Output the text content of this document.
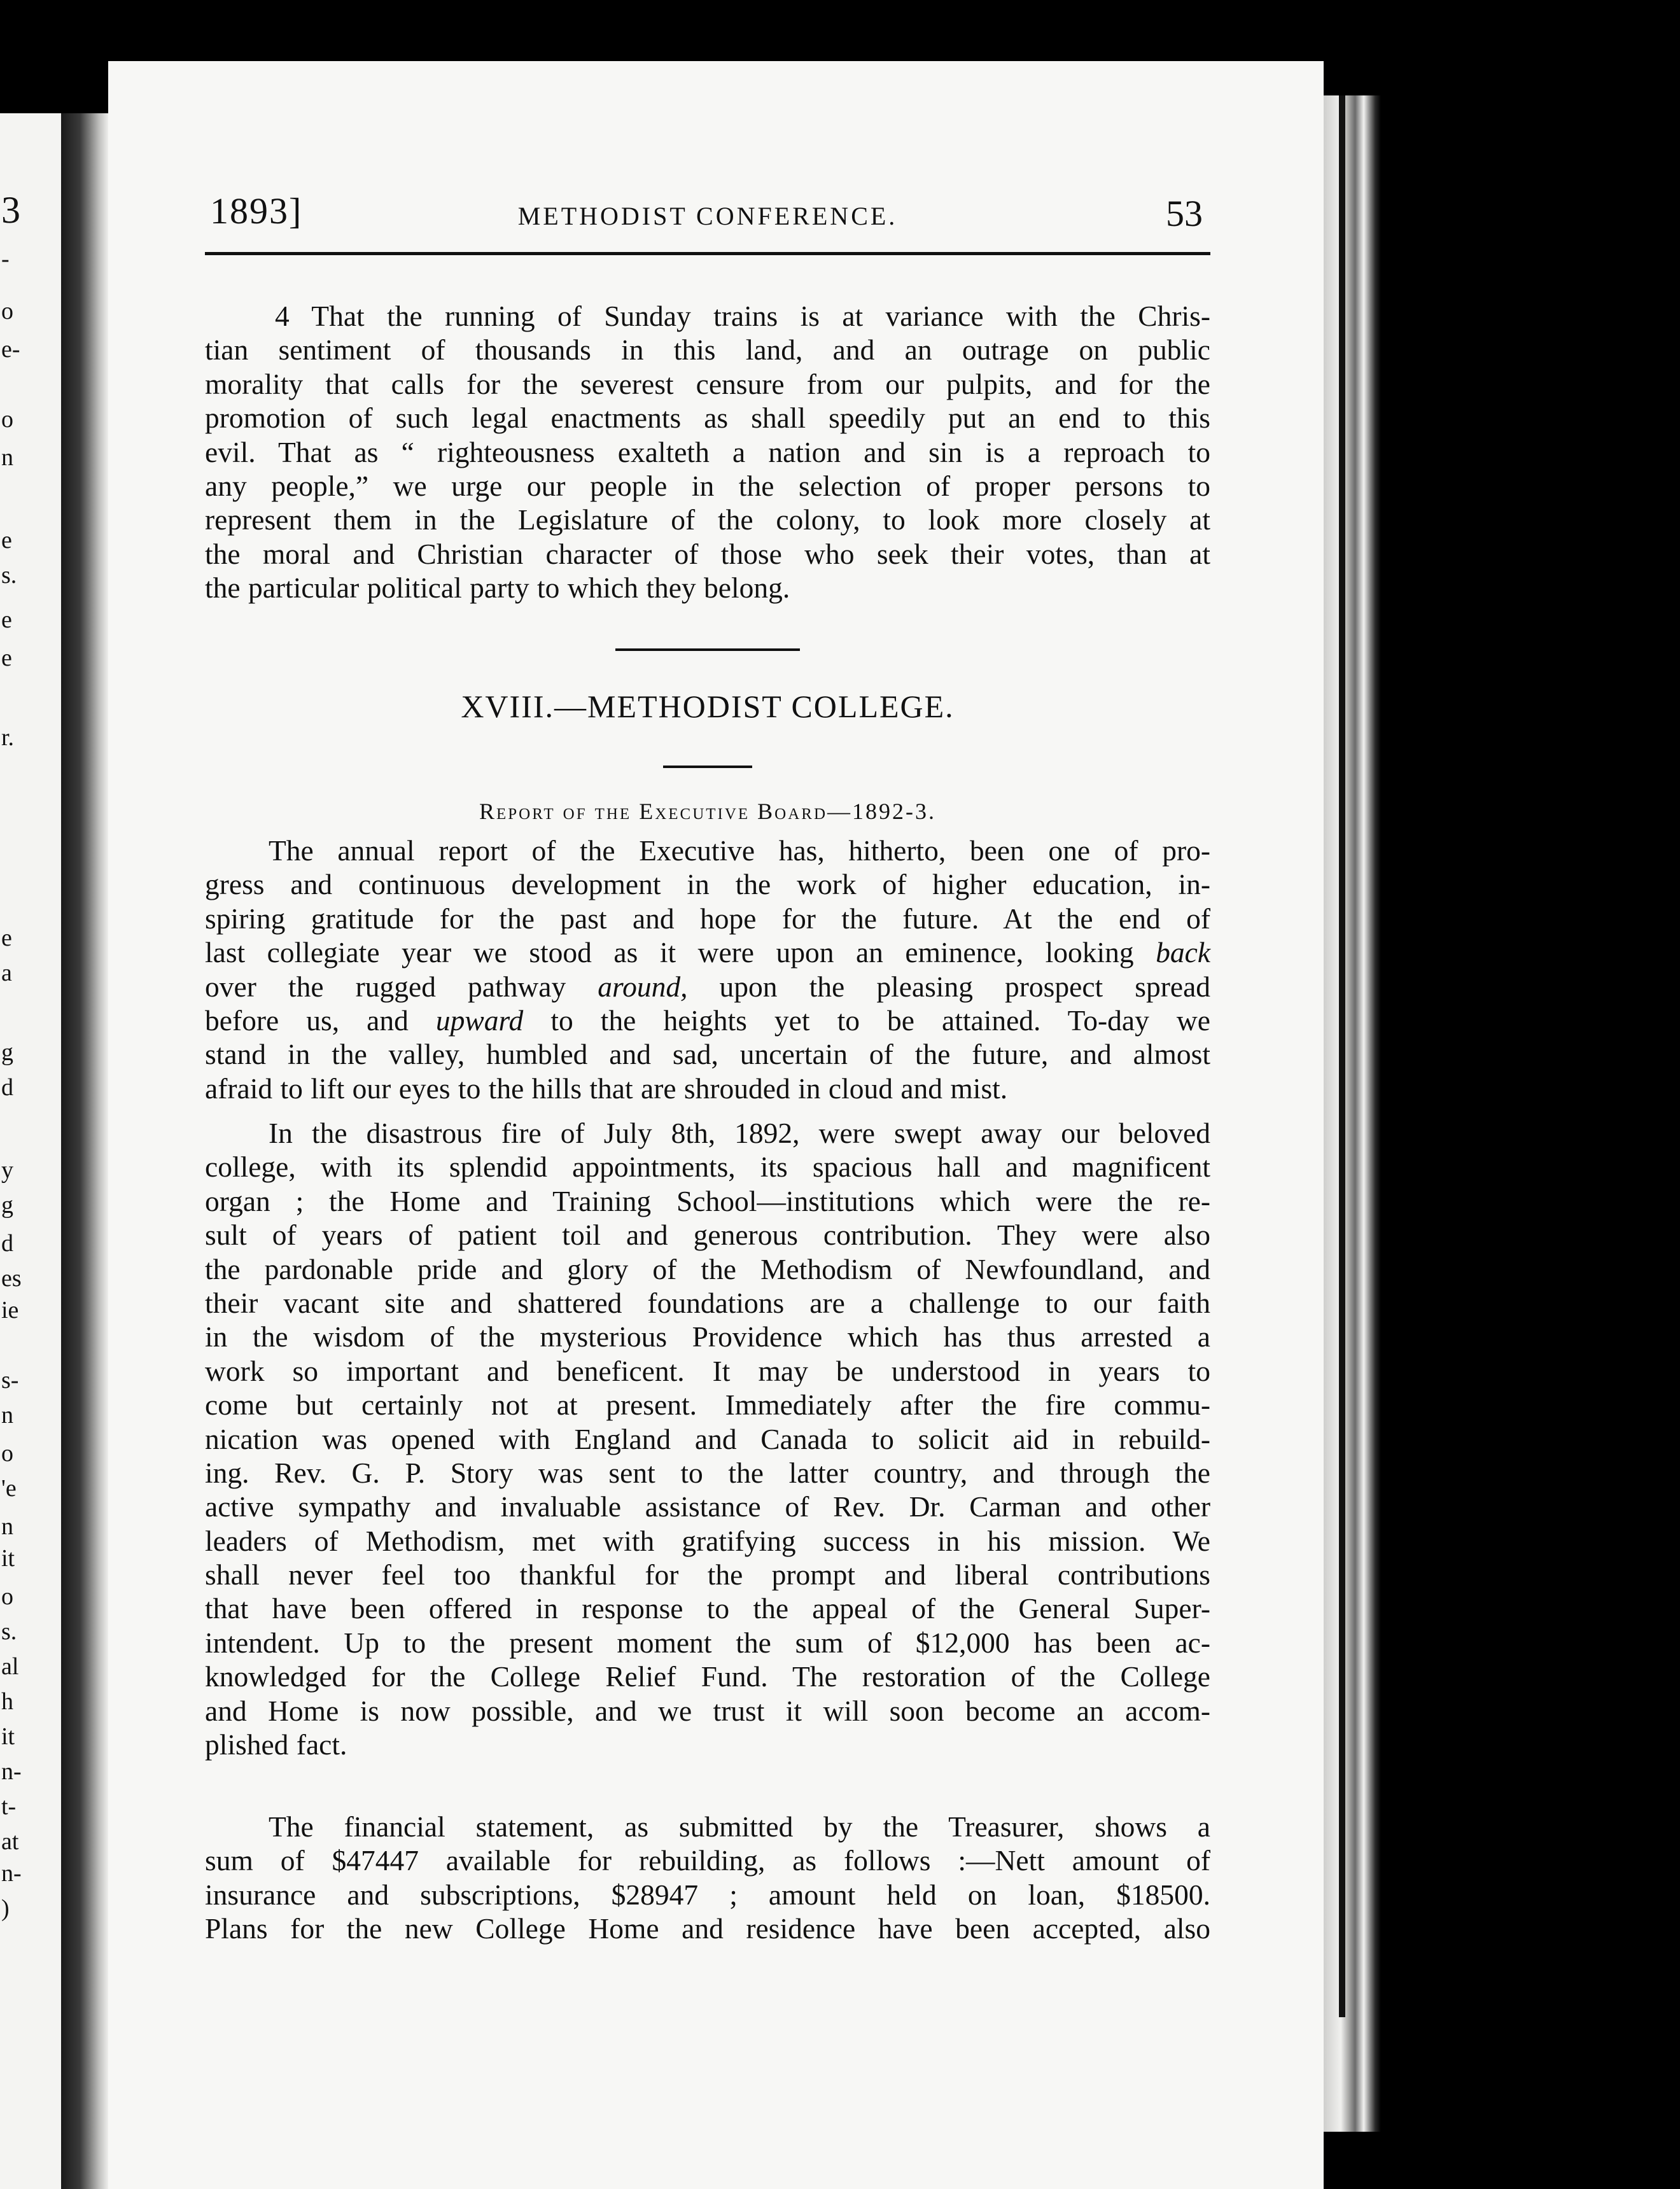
3
-
o
e-
o
n
e
s.
e
e
r.
e
a
g
d
y
g
d
es
ie
s-
n
o
'e
n
it
o
s.
al
h
it
n-
t-
at
n-
)
1893]	METHODIST CONFERENCE.	53
4 That the running of Sunday trains is at variance with the Chris-
tian sentiment of thousands in this land, and an outrage on public
morality that calls for the severest censure from our pulpits, and for the
promotion of such legal enactments as shall speedily put an end to this
evil. That as “ righteousness exalteth a nation and sin is a reproach to
any people,” we urge our people in the selection of proper persons to
represent them in the Legislature of the colony, to look more closely at
the moral and Christian character of those who seek their votes, than at
the particular political party to which they belong.
XVIII.—METHODIST COLLEGE.
Report of the Executive Board—1892-3.
The annual report of the Executive has, hitherto, been one of pro-
gress and continuous development in the work of higher education, in-
spiring gratitude for the past and hope for the future. At the end of
last collegiate year we stood as it were upon an eminence, looking back
over the rugged pathway around, upon the pleasing prospect spread
before us, and upward to the heights yet to be attained. To-day we
stand in the valley, humbled and sad, uncertain of the future, and almost
afraid to lift our eyes to the hills that are shrouded in cloud and mist.
In the disastrous fire of July 8th, 1892, were swept away our beloved
college, with its splendid appointments, its spacious hall and magnificent
organ ; the Home and Training School—institutions which were the re-
sult of years of patient toil and generous contribution. They were also
the pardonable pride and glory of the Methodism of Newfoundland, and
their vacant site and shattered foundations are a challenge to our faith
in the wisdom of the mysterious Providence which has thus arrested a
work so important and beneficent. It may be understood in years to
come but certainly not at present. Immediately after the fire commu-
nication was opened with England and Canada to solicit aid in rebuild-
ing. Rev. G. P. Story was sent to the latter country, and through the
active sympathy and invaluable assistance of Rev. Dr. Carman and other
leaders of Methodism, met with gratifying success in his mission. We
shall never feel too thankful for the prompt and liberal contributions
that have been offered in response to the appeal of the General Super-
intendent. Up to the present moment the sum of $12,000 has been ac-
knowledged for the College Relief Fund. The restoration of the College
and Home is now possible, and we trust it will soon become an accom-
plished fact.
The financial statement, as submitted by the Treasurer, shows a
sum of $47447 available for rebuilding, as follows :—Nett amount of
insurance and subscriptions, $28947 ; amount held on loan, $18500.
Plans for the new College Home and residence have been accepted, also
